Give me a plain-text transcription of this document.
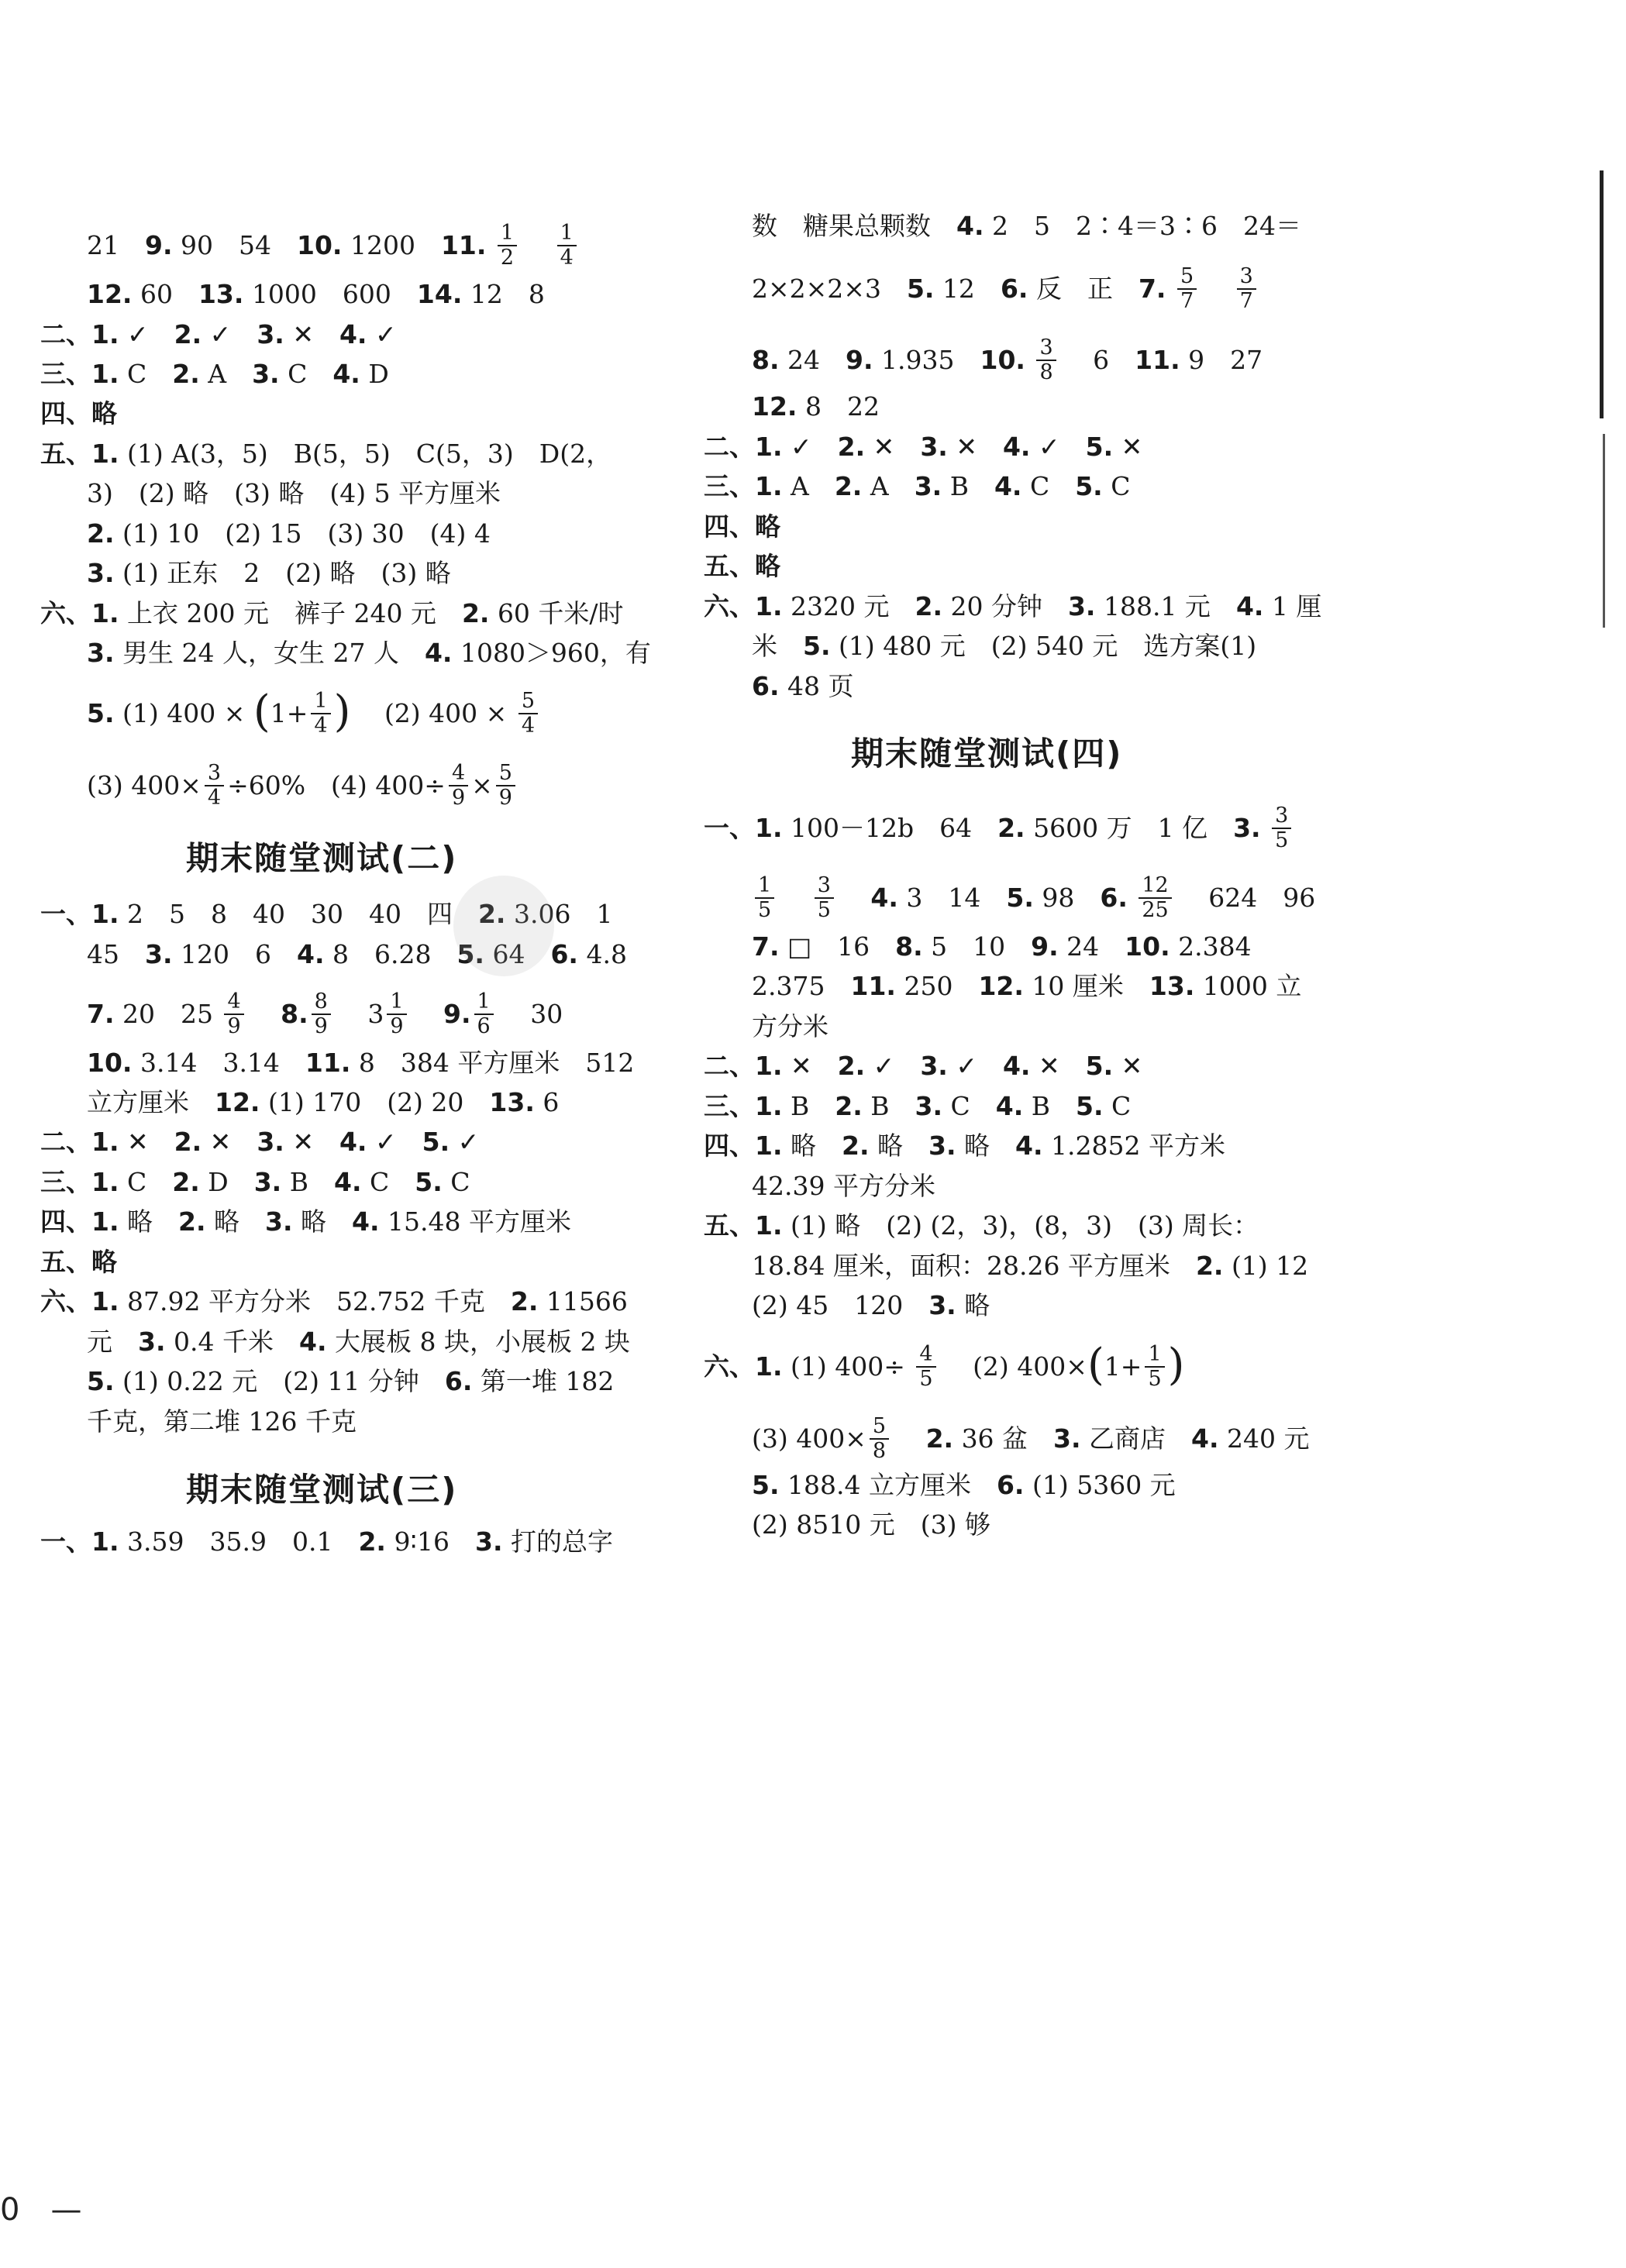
21　 9. 90　54　 10. 1200　 11. $\frac{1}{2}$
　 $\frac{1}{4}$
12. 60　 13. 1000　600　 14. 12　8
二、1. ✓　 2. ✓　 3. ✕　 4. ✓
三、1. C　 2. A　 3. C　 4. D
四、略
五、1. (1) A(3，5)　B(5，5)　C(5，3)　D(2，
3)　(2) 略　(3) 略　(4) 5 平方厘米
2. (1) 10　(2) 15　(3) 30　(4) 4
3. (1) 正东　2　(2) 略　(3) 略
六、1. 上衣 200 元　裤子 240 元　 2. 60 千米/时
3. 男生 24 人，女生 27 人　 4. 1080＞960，有
5. (1) $400 \times (1+ \frac{1}{4}$ ) 　 (2) $400 \times \frac{5}{4}$
(3) $400\times \frac{3}{4} \div 60\%$　(4) $400\div \frac{4}{9} \times \frac{5}{9}$
期末随堂测试(二)
一、1. 2　5　8　40　30　40　四　 2. 3.06　1
45　 3. 120　6　 4. 8　6.28　 5. 64　 6. 4.8
7. 20　$25 \frac{4}{9}$
　 8. $\frac{8}{9}$
　 $3 \frac{1}{9}$
　 9. $\frac{1}{6}$
　 30
10. 3.14　3.14　 11. 8　384 平方厘米　512
立方厘米　 12. (1) 170　(2) 20　 13. 6
二、1. ✕　 2. ✕　 3. ✕　 4. ✓　 5. ✓
三、1. C　 2. D　 3. B　 4. C　 5. C
四、1. 略　 2. 略　 3. 略　 4. 15.48 平方厘米
五、略
六、1. 87.92 平方分米　52.752 千克　 2. 11566
元　 3. 0.4 千米　 4. 大展板 8 块，小展板 2 块
5. (1) 0.22 元　(2) 11 分钟　 6. 第一堆 182
千克，第二堆 126 千克
期末随堂测试(三)
一、1. 3.59　35.9　0.1　 2. 9∶16　 3. 打的总字
数　糖果总颗数　 4. 2　5　2∶4＝3∶6　24＝
2×2×2×3　 5. 12　 6. 反　正　 7. $\frac{5}{7}$
　 $\frac{3}{7}$
8. 24　 9. 1.935　 10. $\frac{3}{8}$
　 6　 11. 9　27
12. 8　22
二、1. ✓　 2. ✕　 3. ✕　 4. ✓　 5. ✕
三、1. A　 2. A　 3. B　 4. C　 5. C
四、略
五、略
六、1. 2320 元　 2. 20 分钟　 3. 188.1 元　 4. 1 厘
米　 5. (1) 480 元　(2) 540 元　选方案(1)
6. 48 页
期末随堂测试(四)
一、1. 100－12b　64　 2. 5600 万　1 亿　 3. $\frac{3}{5}$
$\frac{1}{5}$
　 $\frac{3}{5}$
　 4. 3　14　 5. 98　 6. $\frac{12}{25}$
　 624　96
7. □　16　 8. 5　10　 9. 24　 10. 2.384
2.375　 11. 250　 12. 10 厘米　 13. 1000 立
方分米
二、1. ✕　 2. ✓　 3. ✓　 4. ✕　 5. ✕
三、1. B　 2. B　 3. C　 4. B　 5. C
四、1. 略　 2. 略　 3. 略　 4. 1.2852 平方米
42.39 平方分米
五、1. (1) 略　(2) (2，3)，(8，3)　(3) 周长：
18.84 厘米，面积：28.26 平方厘米　 2. (1) 12
(2) 45　120　 3. 略
六、1. (1) $400\div \frac{4}{5}$
　 (2) $400\times(1+ \frac{1}{5}$ )
(3) $400\times \frac{5}{8}$
　 2. 36 盆　 3. 乙商店　 4. 240 元
5. 188.4 立方厘米　 6. (1) 5360 元
(2) 8510 元　(3) 够
0　 —
